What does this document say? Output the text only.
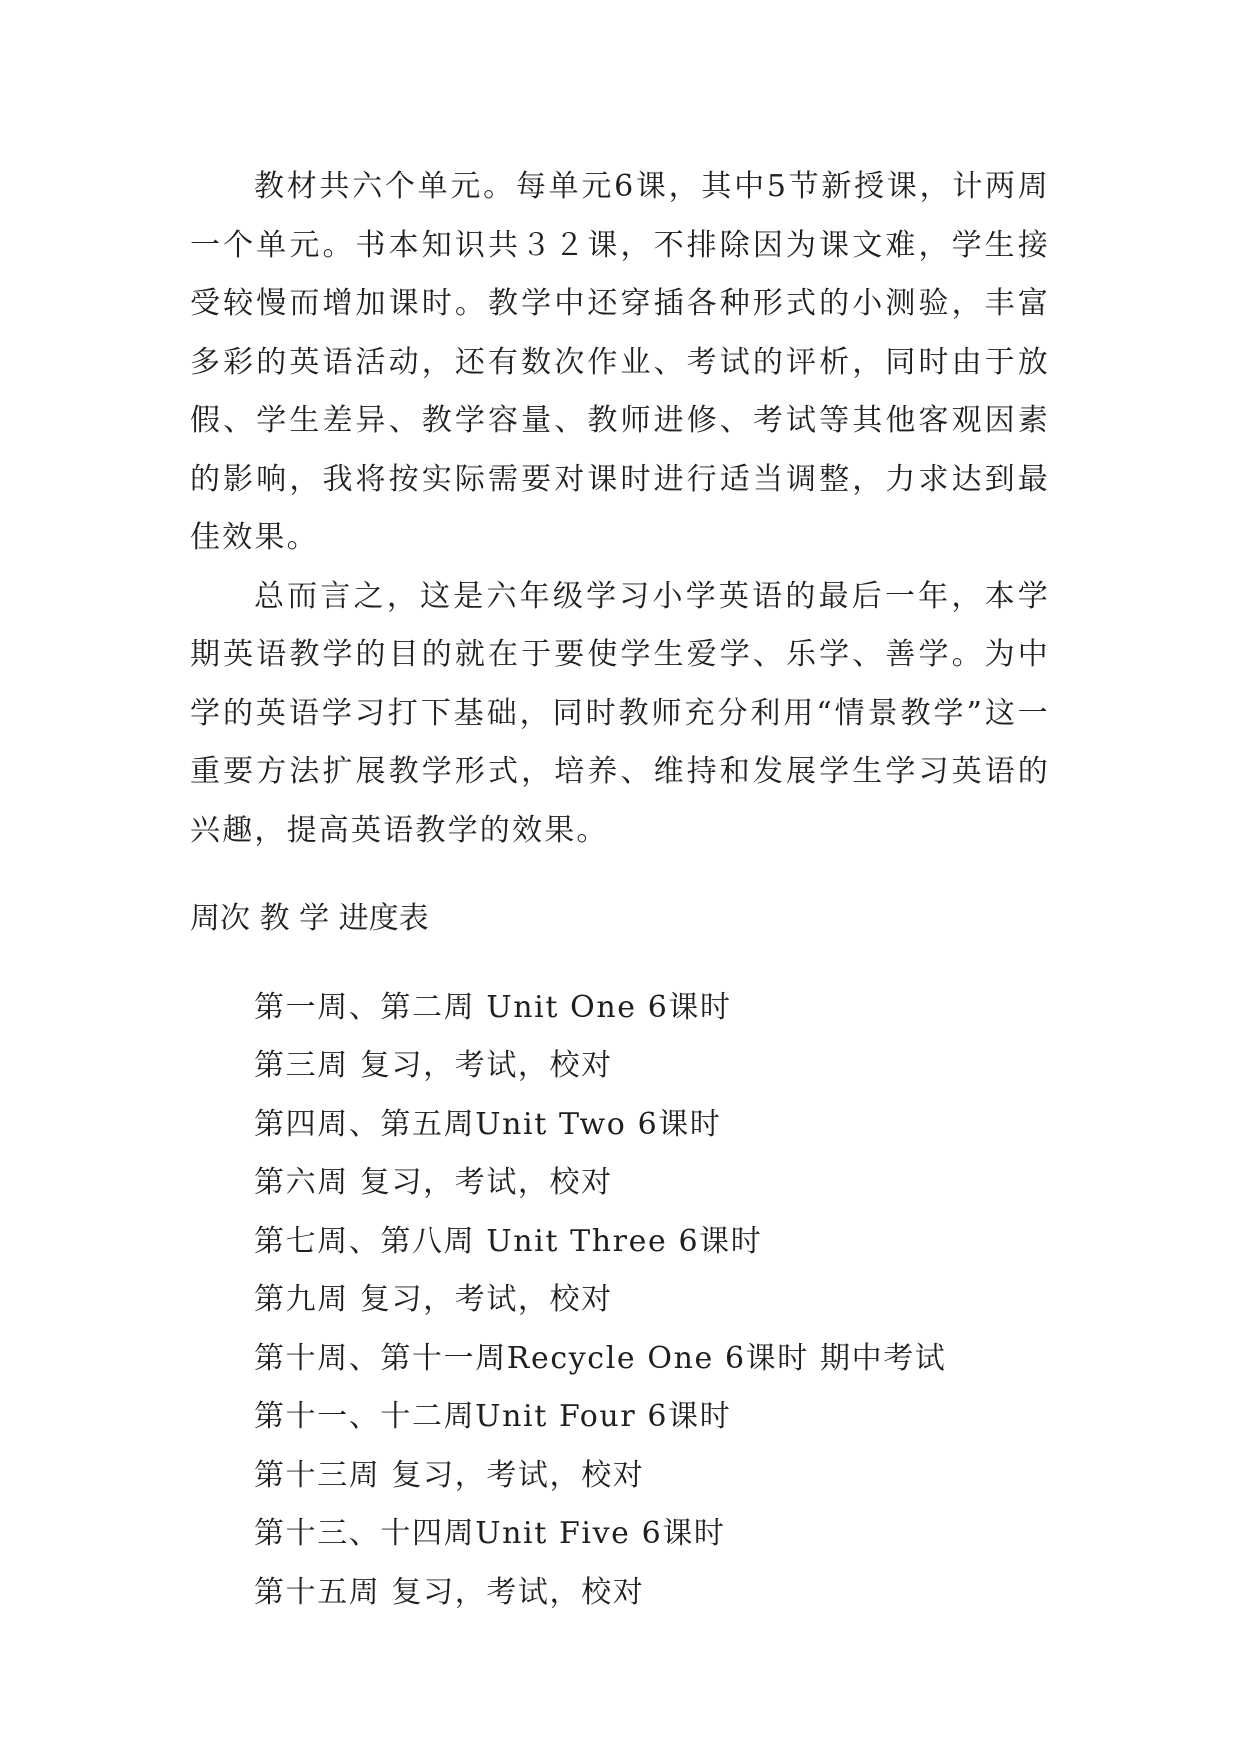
教材共六个单元。每单元6课，其中5节新授课，计两周一个单元。书本知识共３２课，不排除因为课文难，学生接受较慢而增加课时。教学中还穿插各种形式的小测验，丰富多彩的英语活动，还有数次作业、考试的评析，同时由于放假、学生差异、教学容量、教师进修、考试等其他客观因素的影响，我将按实际需要对课时进行适当调整，力求达到最佳效果。

总而言之，这是六年级学习小学英语的最后一年，本学期英语教学的目的就在于要使学生爱学、乐学、善学。为中学的英语学习打下基础，同时教师充分利用“情景教学”这一重要方法扩展教学形式，培养、维持和发展学生学习英语的兴趣，提高英语教学的效果。

周次 教 学 进度表

第一周、第二周 Unit One 6课时
第三周 复习，考试，校对
第四周、第五周Unit Two 6课时
第六周 复习，考试，校对
第七周、第八周 Unit Three 6课时
第九周 复习，考试，校对
第十周、第十一周Recycle One 6课时 期中考试
第十一、十二周Unit Four 6课时
第十三周 复习，考试，校对
第十三、十四周Unit Five 6课时
第十五周 复习，考试，校对
